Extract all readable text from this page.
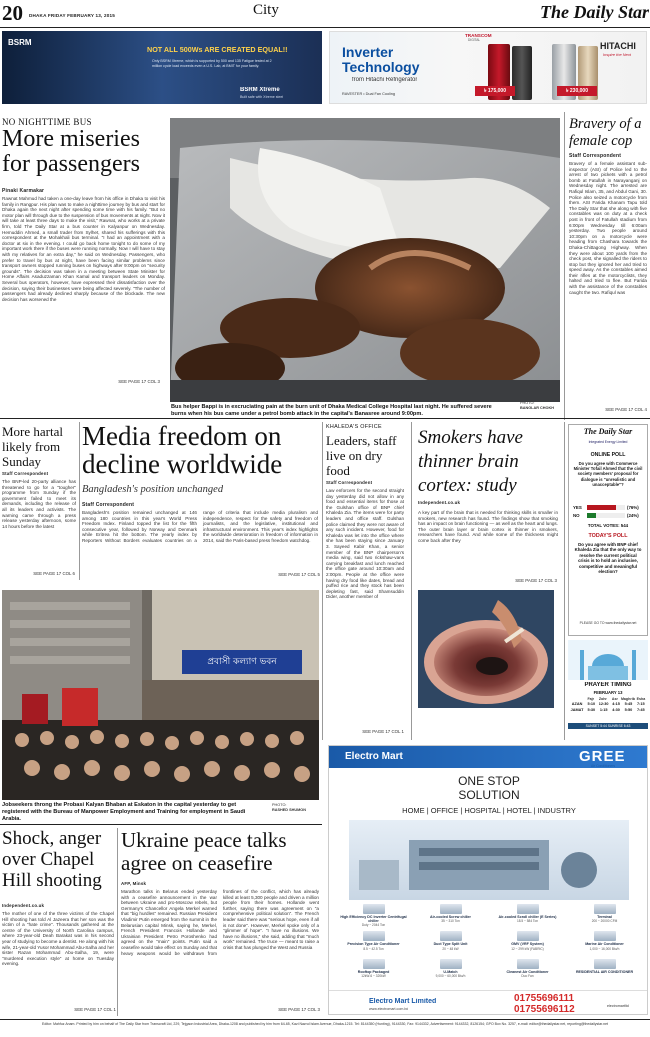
20 DHAKA FRIDAY FEBRUARY 13, 2015	City	The Daily Star
BSRM
NOT ALL 500Ws ARE CREATED EQUAL!!
Only BSRM Xtreme, which is supported by 500 and 135 Fatigue tested at 2 million cycle load exceeds even a U.S. Lab, at BMIT for your family.
BSRM Xtreme
Built safe with Xtreme steel
TRANSCOM
DIGITAL
Inverter
Technology
from Hitachi Refrigerator
RAVESTER • Dual Fan Cooling	৳ 175,000	৳ 230,000
HITACHI
Inspire the Next
NO NIGHTTIME BUS
More miseries for passengers
Pinaki Karmakar
Rawnat Mahmud had taken a one-day leave from his office in Dhaka to visit his family in Rangpur. His plan was to make a nighttime journey by bus and start for Dhaka again the next night after spending some time with his family. "But no motor plan will through due to the suspension of bus movements at night. Now it will take at least three days to make the visit," Rawnat, who works at a private firm, told The Daily Star at a bus counter in Kalyanpur on Wednesday. Hemuddin Ahmed, a small trader from Sylhet, shared his sufferings with this correspondent at the Mohakhali bus terminal. "I had an appointment with a doctor at six in the evening. I could go back home tonight to do some of my important work there if the buses were running normally. Now I will have to stay with my relatives for an extra day," he said on Wednesday. Passengers, who prefer to travel by bus at night, have been facing similar problems since transport owners stopped running buses on highways after 9:00pm on "security grounds". The decision was taken in a meeting between State Minister for Home Affairs Asaduzzaman Khan Kamal and transport leaders on Monday. Several bus operators, however, have expressed their dissatisfaction over the decision, saying their businesses were being affected severely. "The number of passengers had already declined sharply because of the blockade. The new decision has worsened the
SEE PAGE 17 COL 3
Bus helper Bappi is in excruciating pain at the burn unit of Dhaka Medical College Hospital last night. He suffered severe burns when his bus came under a petrol bomb attack in the capital's Banasree around 9:00pm.
PHOTO:
BANGLAR CHOKH
Bravery of a female cop
Staff Correspondent
Bravery of a female assistant sub-inspector (ASI) of Police led to the arrest of two pickets with a petrol bomb at Fatullah in Narayanganj on Wednesday night. The arrested are Rafiqul Islam, 35, and Abdul Gani, 30. Police also seized a motorcycle from them. ASI Farida Khanam Tapu told The Daily Star that she along with five constables was on duty at a check post in front of Fatullah stadium from 6:00pm Wednesday till 6:00am yesterday. Two people around 10:30pm on a motorcycle were heading from Chashara towards the Dhaka-Chittagong Highway. When they were about 100 yards from the check post, she signalled the riders to stop but they ignored her and tried to speed away. As the constables aimed their rifles at the motorcyclists, they halted and tried to flee. But Farida with the assistance of the constables caught the two. Rafiqul was
SEE PAGE 17 COL 4
More hartal likely from Sunday
Staff Correspondent
The BNP-led 20-party alliance has threatened to go for a "tougher" programme from Sunday if the government failed to meet its demands, including the release of all its leaders and activists. The warning came through a press release yesterday afternoon, some 14 hours before the latest
SEE PAGE 17 COL 6
Media freedom on decline worldwide
Bangladesh's position unchanged
Staff Correspondent
Bangladesh's position remained unchanged at 146 among 180 countries in this year's World Press Freedom Index. Finland topped the list for the fifth consecutive year, followed by Norway and Denmark while Eritrea hit the bottom. The yearly index by Reporters Without Borders evaluates countries on a range of criteria that include media pluralism and independence, respect for the safety and freedom of journalists, and the legislative, institutional and infrastructural environment. This year's index highlights the worldwide deterioration in freedom of information in 2014, said the Paris-based press freedom watchdog.
SEE PAGE 17 COL 5
KHALEDA'S OFFICE
Leaders, staff live on dry food
Staff Correspondent
Law enforcers for the second straight day yesterday did not allow in any food and essential items for those at the Gulshan office of BNP chief Khaleda Zia. The items were for party leaders and office staff. Gulshan police claimed they were not aware of any such incident. However, food for Khaleda was let into the office where she has been staying since January 3. Sayeed Kabir Khan, a senior member of the BNP chairperson's media wing, said two rickshaw-vans carrying breakfast and lunch reached the office gate around 10:30am and 2:00pm. People at the office were having dry food like dates, bread and puffed rice and they stock has been depleting fast, said Shamsuddin Dider, another member of
SEE PAGE 17 COL 1
Smokers have thinner brain cortex: study
Independent.co.uk
A key part of the brain that is needed for thinking skills is smaller in smokers, new research has found. The findings show that smoking has an impact on brain functioning — as well as the heart and lungs. The outer brain layer or brain cortex is thinner in smokers, researchers have found. And while some of the thickness might come back after they
SEE PAGE 17 COL 3
The Daily Star
Integrated Energy Limited
ONLINE POLL
Do you agree with Commerce Minister Tofail Ahmed that the civil society members' proposal for dialogue is "unrealistic and unacceptable"?
YES	(76%)
NO	(24%)
TOTAL VOTES: 544
TODAY'S POLL
Do you agree with BNP chief Khaleda Zia that the only way to resolve the current political crisis is to hold an inclusive, competitive and meaningful election?
PLEASE GO TO www.thedailystar.net
PRAYER TIMING
FEBRUARY 13
Fajr	Zohr	Asr Maghrib Esha
AZAN	5:10 12:30 4:15	5:45	7:15
JAMAT	5:30	1:15	4:30	5:50	7:45
SUNSET 5:44 SUNRISE 6:43
প্রবাসী কল্যাণ ভবন
Jobseekers throng the Probasi Kalyan Bhaban at Eskaton in the capital yesterday to get registered with the Bureau of Manpower Employment and Training for employment in Saudi Arabia.
PHOTO:
RASHED SHUMON
Electro Mart	GREE
Air Conditioners
ONE STOP SOLUTION
HOME | OFFICE | HOSPITAL | HOTEL | INDUSTRY
High Efficiency DC Inverter Centrifugal chiller
Duty ~ 2044 Ton
Air-cooled Screw chiller
35 ~ 310 Ton
Air-cooled Scroll chiller (E Series)
18.5 ~ 584 Ton
Terminal
200 ~ 20000 CFM
Precision Type Air Conditioner
8.5 ~ 42.5 Ton
Duct Type Split Unit
20 ~ 48 kW
GMV (VRF System)
12 ~ 299 kW (FABRIC)
Marine Air Conditioner
1,000 ~ 16,000 Btu/h
Rooftop Packaged
12kW-6 ~ 320kW
U-Match
9,000 ~ 60,000 Btu/h
Cleanest Air Conditioner
Duo Fan
RESIDENTIAL AIR CONDITIONER
Electro Mart Limited
www.electromart.com.bd
01755696111
01755696112	electromartltd
Shock, anger over Chapel Hill shooting
Independent.co.uk
The mother of one of the three victims of the Chapel Hill shooting has told Al Jazeera that her son was the victim of a "hate crime". Thousands gathered at the centre of the University of North Carolina campus, where 23-year-old Deah Barakat was in his second year of studying to become a dentist. He along with his wife, 21-year-old Yusor Mohammad Abu-Salha and her sister Razan Mohammad Abu-Salha, 19, were "murdered execution style" at home on Tuesday evening.
SEE PAGE 17 COL 1
Ukraine peace talks agree on ceasefire
AFP, Minsk
Marathon talks in Belarus ended yesterday with a ceasefire announcement in the war between Ukraine and pro-Moscow rebels, but Germany's Chancellor Angela Merkel warned that "big hurdles" remained. Russian President Vladimir Putin emerged from the summit in the Belarusian capital Minsk, saying he, Merkel, French President Francois Hollande and Ukrainian President Petro Poroshenko had agreed on the "main" points. Putin said a ceasefire would take effect on Sunday and that heavy weapons would be withdrawn from frontlines of the conflict, which has already killed at least 5,300 people and driven a million people from their homes. Hollande went further, saying there was agreement on "a comprehensive political solution". The French leader said there was "serious hope, even if all is not done". However, Merkel spoke only of a "glimmer of hope". "I have no illusions. We have no illusions," she said, adding that "much work" remained. The truce — meant to raise a crisis that has plunged the West and Russia
SEE PAGE 17 COL 3
Editor: Mahfuz Anam. Printed by him on behalf of The Daily Star from Transcraft Ltd, 229, Tejgaon Industrial Area, Dhaka-1208 and published by him from 64-65, Kazi Nazrul Islam Avenue, Dhaka-1215. Tel: 8144350 (Hunting), 9144330, Fax: 9144332, Advertisement: 9144332, 8126154; GPO Box No. 3257, e-mail: editor@thedailystar.net, reporting@thedailystar.net
